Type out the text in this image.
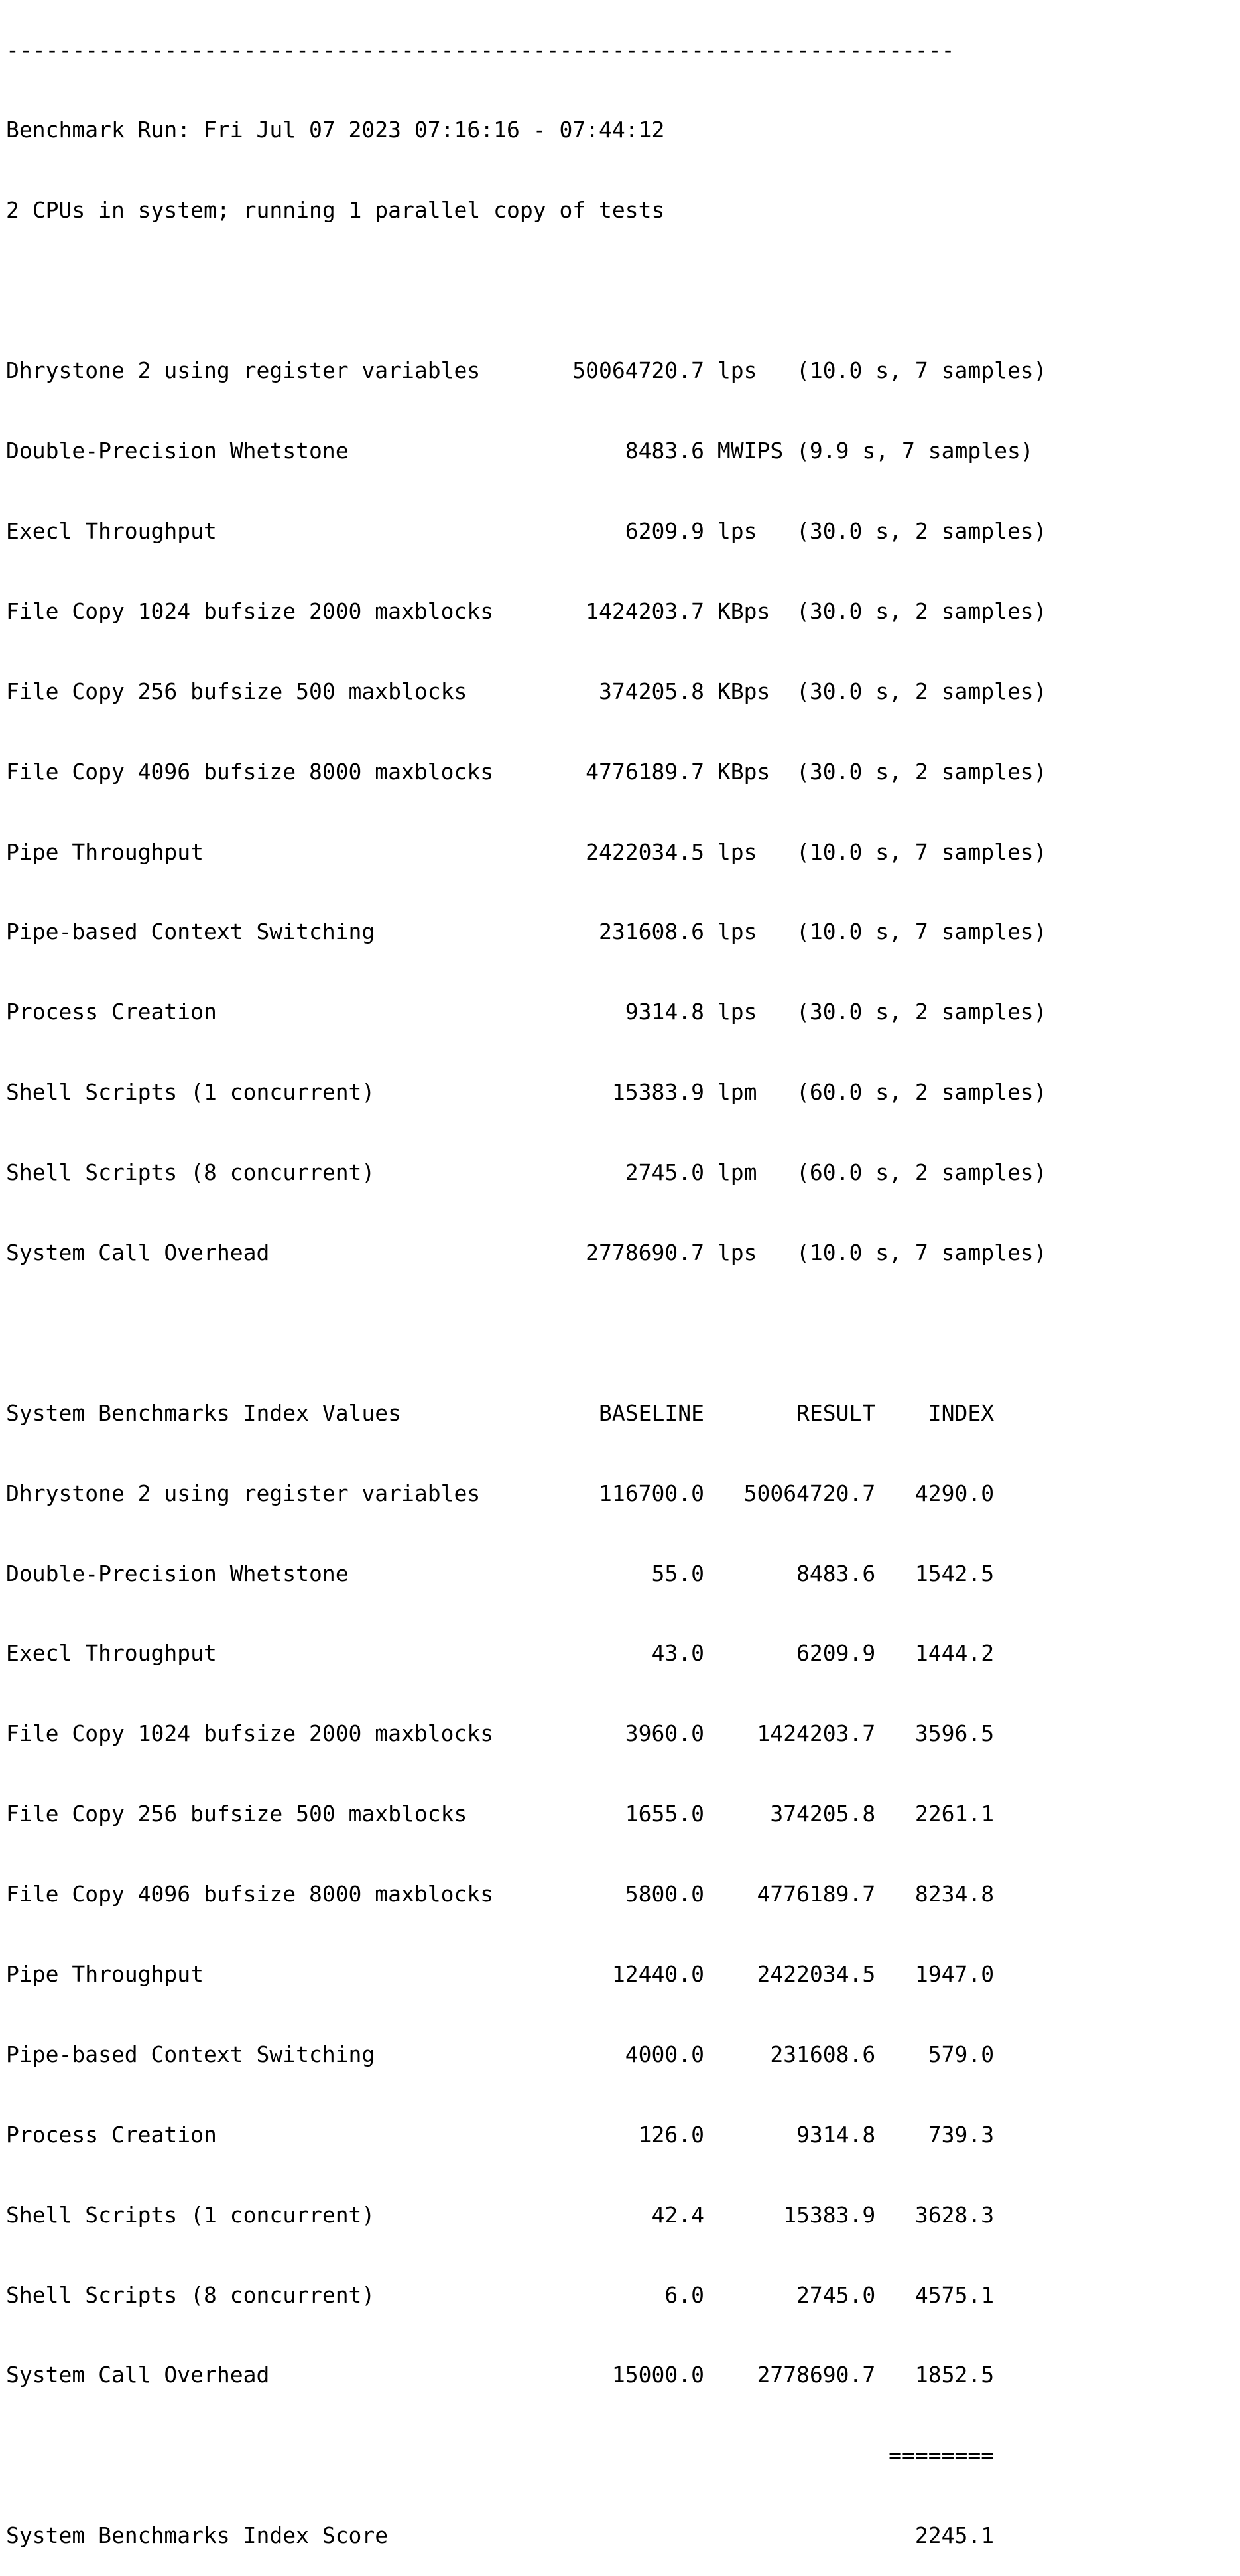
------------------------------------------------------------------------

Benchmark Run: Fri Jul 07 2023 07:16:16 - 07:44:12

2 CPUs in system; running 1 parallel copy of tests

Dhrystone 2 using register variables       50064720.7 lps   (10.0 s, 7 samples)

Double-Precision Whetstone                     8483.6 MWIPS (9.9 s, 7 samples)

Execl Throughput                               6209.9 lps   (30.0 s, 2 samples)

File Copy 1024 bufsize 2000 maxblocks       1424203.7 KBps  (30.0 s, 2 samples)

File Copy 256 bufsize 500 maxblocks          374205.8 KBps  (30.0 s, 2 samples)

File Copy 4096 bufsize 8000 maxblocks       4776189.7 KBps  (30.0 s, 2 samples)

Pipe Throughput                             2422034.5 lps   (10.0 s, 7 samples)

Pipe-based Context Switching                 231608.6 lps   (10.0 s, 7 samples)

Process Creation                               9314.8 lps   (30.0 s, 2 samples)

Shell Scripts (1 concurrent)                  15383.9 lpm   (60.0 s, 2 samples)

Shell Scripts (8 concurrent)                   2745.0 lpm   (60.0 s, 2 samples)

System Call Overhead                        2778690.7 lps   (10.0 s, 7 samples)

System Benchmarks Index Values               BASELINE       RESULT    INDEX

Dhrystone 2 using register variables         116700.0   50064720.7   4290.0

Double-Precision Whetstone                       55.0       8483.6   1542.5

Execl Throughput                                 43.0       6209.9   1444.2

File Copy 1024 bufsize 2000 maxblocks          3960.0    1424203.7   3596.5

File Copy 256 bufsize 500 maxblocks            1655.0     374205.8   2261.1

File Copy 4096 bufsize 8000 maxblocks          5800.0    4776189.7   8234.8

Pipe Throughput                               12440.0    2422034.5   1947.0

Pipe-based Context Switching                   4000.0     231608.6    579.0

Process Creation                                126.0       9314.8    739.3

Shell Scripts (1 concurrent)                     42.4      15383.9   3628.3

Shell Scripts (8 concurrent)                      6.0       2745.0   4575.1

System Call Overhead                          15000.0    2778690.7   1852.5

========

System Benchmarks Index Score                                        2245.1
